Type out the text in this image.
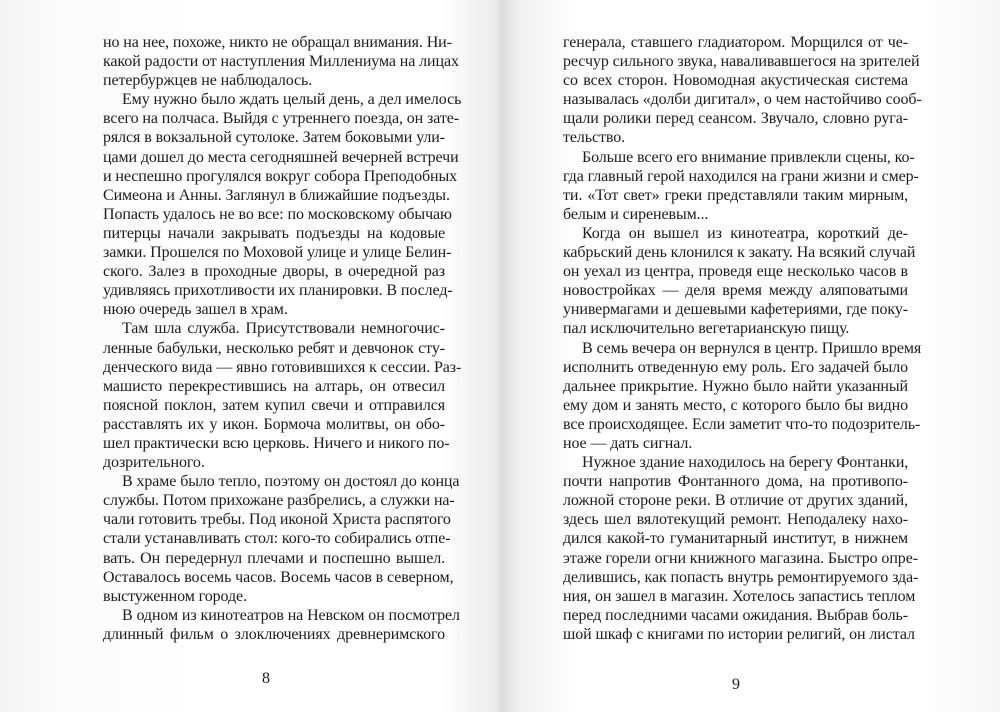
но на нее, похоже, никто не обращал внимания. Ни-
какой радости от наступления Миллениума на лицах
петербуржцев не наблюдалось.
Ему нужно было ждать целый день, а дел имелось
всего на полчаса. Выйдя с утреннего поезда, он зате-
рялся в вокзальной сутолоке. Затем боковыми ули-
цами дошел до места сегодняшней вечерней встречи
и неспешно прогулялся вокруг собора Преподобных
Симеона и Анны. Заглянул в ближайшие подъезды.
Попасть удалось не во все: по московскому обычаю
питерцы начали закрывать подъезды на кодовые
замки. Прошелся по Моховой улице и улице Белин-
ского. Залез в проходные дворы, в очередной раз
удивляясь прихотливости их планировки. В послед-
нюю очередь зашел в храм.
Там шла служба. Присутствовали немногочис-
ленные бабульки, несколько ребят и девчонок сту-
денческого вида — явно готовившихся к сессии. Раз-
машисто перекрестившись на алтарь, он отвесил
поясной поклон, затем купил свечи и отправился
расставлять их у икон. Бормоча молитвы, он обо-
шел практически всю церковь. Ничего и никого по-
дозрительного.
В храме было тепло, поэтому он достоял до конца
службы. Потом прихожане разбрелись, а служки на-
чали готовить требы. Под иконой Христа распятого
стали устанавливать стол: кого-то собирались отпе-
вать. Он передернул плечами и поспешно вышел.
Оставалось восемь часов. Восемь часов в северном,
выстуженном городе.
В одном из кинотеатров на Невском он посмотрел
длинный фильм о злоключениях древнеримского
генерала, ставшего гладиатором. Морщился от че-
ресчур сильного звука, наваливавшегося на зрителей
со всех сторон. Новомодная акустическая система
называлась «долби дигитал», о чем настойчиво сооб-
щали ролики перед сеансом. Звучало, словно руга-
тельство.
Больше всего его внимание привлекли сцены, ко-
гда главный герой находился на грани жизни и смер-
ти. «Тот свет» греки представляли таким мирным,
белым и сиреневым...
Когда он вышел из кинотеатра, короткий де-
кабрьский день клонился к закату. На всякий случай
он уехал из центра, проведя еще несколько часов в
новостройках — деля время между аляповатыми
универмагами и дешевыми кафетериями, где поку-
пал исключительно вегетарианскую пищу.
В семь вечера он вернулся в центр. Пришло время
исполнить отведенную ему роль. Его задачей было
дальнее прикрытие. Нужно было найти указанный
ему дом и занять место, с которого было бы видно
все происходящее. Если заметит что-то подозритель-
ное — дать сигнал.
Нужное здание находилось на берегу Фонтанки,
почти напротив Фонтанного дома, на противопо-
ложной стороне реки. В отличие от других зданий,
здесь шел вялотекущий ремонт. Неподалеку нахо-
дился какой-то гуманитарный институт, в нижнем
этаже горели огни книжного магазина. Быстро опре-
делившись, как попасть внутрь ремонтируемого зда-
ния, он зашел в магазин. Хотелось запастись теплом
перед последними часами ожидания. Выбрав боль-
шой шкаф с книгами по истории религий, он листал
8	9
